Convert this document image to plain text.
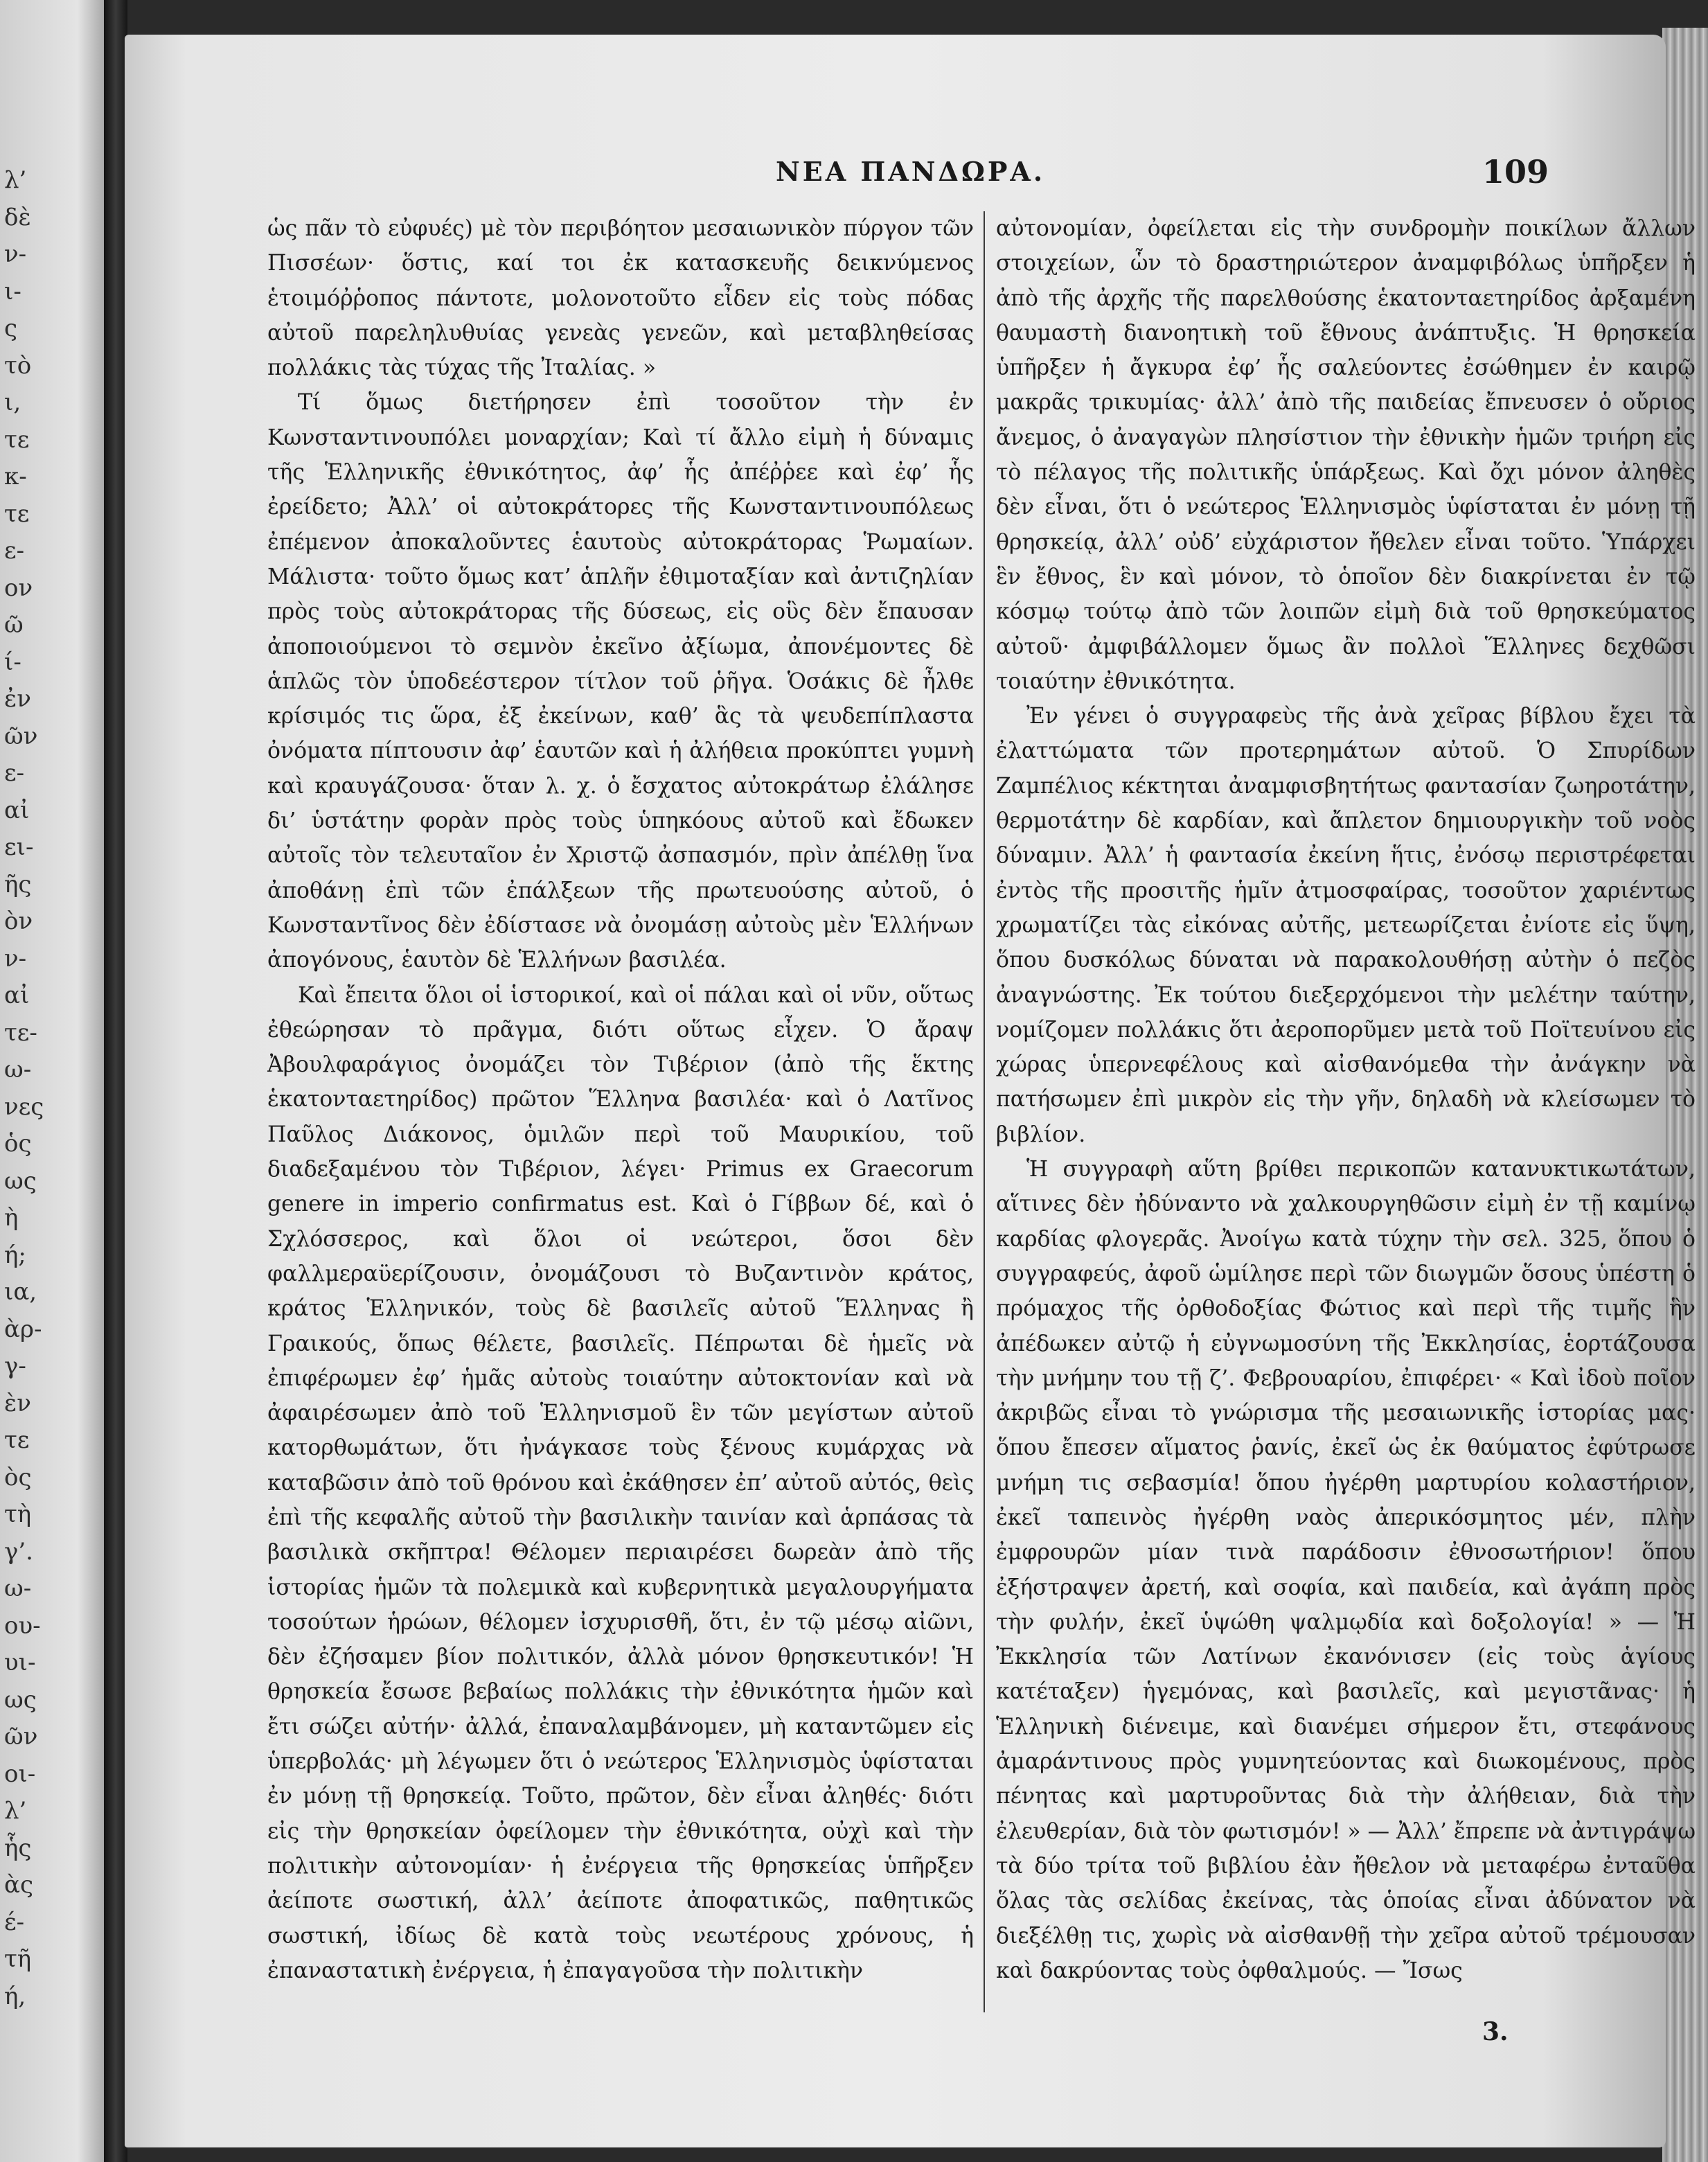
λ’
δὲ
ν-
ι-
ς
τὸ
ι,
τε
κ-
τε
ε-
ον
ῶ
ί-
ἐν
ῶν
ε-
αἰ
ει-
ῆς
ὸν
ν-
αἰ
τε-
ω-
νες
ὁς
ως
ὴ
ή;
ια,
ὰρ-
γ-
ὲν
τε
ὸς
τὴ
γ’.
ω-
ου-
υι-
ως
ῶν
οι-
λ’
ἧς
ὰς
έ-
τῆ
ή,
ΝΕΑ ΠΑΝΔΩΡΑ.	109

ὡς πᾶν τὸ εὐφυές) μὲ τὸν περιβόητον μεσαιωνικὸν πύργον τῶν Πισσέων· ὅστις, καί τοι ἐκ κατασκευῆς δεικνύμενος ἑτοιμόῤῥοπος πάντοτε, μολονοτοῦτο εἶδεν εἰς τοὺς πόδας αὐτοῦ παρεληλυθυίας γενεὰς γενεῶν, καὶ μεταβληθείσας πολλάκις τὰς τύχας τῆς Ἰταλίας. »

Τί ὅμως διετήρησεν ἐπὶ τοσοῦτον τὴν ἐν Κωνσταντινουπόλει μοναρχίαν; Καὶ τί ἄλλο εἰμὴ ἡ δύναμις τῆς Ἑλληνικῆς ἐθνικότητος, ἀφ’ ἧς ἀπέῤῥεε καὶ ἐφ’ ἧς ἐρείδετο; Ἀλλ’ οἱ αὐτοκράτορες τῆς Κωνσταντινουπόλεως ἐπέμενον ἀποκαλοῦντες ἑαυτοὺς αὐτοκράτορας Ῥωμαίων. Μάλιστα· τοῦτο ὅμως κατ’ ἁπλῆν ἐθιμοταξίαν καὶ ἀντιζηλίαν πρὸς τοὺς αὐτοκράτορας τῆς δύσεως, εἰς οὓς δὲν ἔπαυσαν ἀποποιούμενοι τὸ σεμνὸν ἐκεῖνο ἀξίωμα, ἀπονέμοντες δὲ ἁπλῶς τὸν ὑποδεέστερον τίτλον τοῦ ῥῆγα. Ὁσάκις δὲ ἦλθε κρίσιμός τις ὥρα, ἐξ ἐκείνων, καθ’ ἃς τὰ ψευδεπίπλαστα ὀνόματα πίπτουσιν ἀφ’ ἑαυτῶν καὶ ἡ ἀλήθεια προκύπτει γυμνὴ καὶ κραυγάζουσα· ὅταν λ. χ. ὁ ἔσχατος αὐτοκράτωρ ἐλάλησε δι’ ὑστάτην φορὰν πρὸς τοὺς ὑπηκόους αὐτοῦ καὶ ἔδωκεν αὐτοῖς τὸν τελευταῖον ἐν Χριστῷ ἀσπασμόν, πρὶν ἀπέλθῃ ἵνα ἀποθάνῃ ἐπὶ τῶν ἐπάλξεων τῆς πρωτευούσης αὐτοῦ, ὁ Κωνσταντῖνος δὲν ἐδίστασε νὰ ὀνομάσῃ αὐτοὺς μὲν Ἑλλήνων ἀπογόνους, ἑαυτὸν δὲ Ἑλλήνων βασιλέα.

Καὶ ἔπειτα ὅλοι οἱ ἱστορικοί, καὶ οἱ πάλαι καὶ οἱ νῦν, οὕτως ἐθεώρησαν τὸ πρᾶγμα, διότι οὕτως εἶχεν. Ὁ ἄραψ Ἀβουλφαράγιος ὀνομάζει τὸν Τιβέριον (ἀπὸ τῆς ἕκτης ἑκατονταετηρίδος) πρῶτον Ἕλληνα βασιλέα· καὶ ὁ Λατῖνος Παῦλος Διάκονος, ὁμιλῶν περὶ τοῦ Μαυρικίου, τοῦ διαδεξαμένου τὸν Τιβέριον, λέγει· Primus ex Graecorum genere in imperio confirmatus est. Καὶ ὁ Γίββων δέ, καὶ ὁ Σχλόσσερος, καὶ ὅλοι οἱ νεώτεροι, ὅσοι δὲν φαλλμεραϋερίζουσιν, ὀνομάζουσι τὸ Βυζαντινὸν κράτος, κράτος Ἑλληνικόν, τοὺς δὲ βασιλεῖς αὐτοῦ Ἕλληνας ἢ Γραικούς, ὅπως θέλετε, βασιλεῖς. Πέπρωται δὲ ἡμεῖς νὰ ἐπιφέρωμεν ἐφ’ ἡμᾶς αὐτοὺς τοιαύτην αὐτοκτονίαν καὶ νὰ ἀφαιρέσωμεν ἀπὸ τοῦ Ἑλληνισμοῦ ἓν τῶν μεγίστων αὐτοῦ κατορθωμάτων, ὅτι ἠνάγκασε τοὺς ξένους κυμάρχας νὰ καταβῶσιν ἀπὸ τοῦ θρόνου καὶ ἐκάθησεν ἐπ’ αὐτοῦ αὐτός, θεὶς ἐπὶ τῆς κεφαλῆς αὐτοῦ τὴν βασιλικὴν ταινίαν καὶ ἁρπάσας τὰ βασιλικὰ σκῆπτρα! Θέλομεν περιαιρέσει δωρεὰν ἀπὸ τῆς ἱστορίας ἡμῶν τὰ πολεμικὰ καὶ κυβερνητικὰ μεγαλουργήματα τοσούτων ἡρώων, θέλομεν ἰσχυρισθῆ, ὅτι, ἐν τῷ μέσῳ αἰῶνι, δὲν ἐζήσαμεν βίον πολιτικόν, ἀλλὰ μόνον θρησκευτικόν! Ἡ θρησκεία ἔσωσε βεβαίως πολλάκις τὴν ἐθνικότητα ἡμῶν καὶ ἔτι σώζει αὐτήν· ἀλλά, ἐπαναλαμβάνομεν, μὴ καταντῶμεν εἰς ὑπερβολάς· μὴ λέγωμεν ὅτι ὁ νεώτερος Ἑλληνισμὸς ὑφίσταται ἐν μόνῃ τῇ θρησκείᾳ. Τοῦτο, πρῶτον, δὲν εἶναι ἀληθές· διότι εἰς τὴν θρησκείαν ὀφείλομεν τὴν ἐθνικότητα, οὐχὶ καὶ τὴν πολιτικὴν αὐτονομίαν· ἡ ἐνέργεια τῆς θρησκείας ὑπῆρξεν ἀείποτε σωστική, ἀλλ’ ἀείποτε ἀποφατικῶς, παθητικῶς σωστική, ἰδίως δὲ κατὰ τοὺς νεωτέρους χρόνους, ἡ ἐπαναστατικὴ ἐνέργεια, ἡ ἐπαγαγοῦσα τὴν πολιτικὴν

αὐτονομίαν, ὀφείλεται εἰς τὴν συνδρομὴν ποικίλων ἄλλων στοιχείων, ὧν τὸ δραστηριώτερον ἀναμφιβόλως ὑπῆρξεν ἡ ἀπὸ τῆς ἀρχῆς τῆς παρελθούσης ἑκατονταετηρίδος ἀρξαμένη θαυμαστὴ διανοητικὴ τοῦ ἔθνους ἀνάπτυξις. Ἡ θρησκεία ὑπῆρξεν ἡ ἄγκυρα ἐφ’ ἧς σαλεύοντες ἐσώθημεν ἐν καιρῷ μακρᾶς τρικυμίας· ἀλλ’ ἀπὸ τῆς παιδείας ἔπνευσεν ὁ οὔριος ἄνεμος, ὁ ἀναγαγὼν πλησίστιον τὴν ἐθνικὴν ἡμῶν τριήρη εἰς τὸ πέλαγος τῆς πολιτικῆς ὑπάρξεως. Καὶ ὄχι μόνον ἀληθὲς δὲν εἶναι, ὅτι ὁ νεώτερος Ἑλληνισμὸς ὑφίσταται ἐν μόνῃ τῇ θρησκείᾳ, ἀλλ’ οὐδ’ εὐχάριστον ἤθελεν εἶναι τοῦτο. Ὑπάρχει ἓν ἔθνος, ἓν καὶ μόνον, τὸ ὁποῖον δὲν διακρίνεται ἐν τῷ κόσμῳ τούτῳ ἀπὸ τῶν λοιπῶν εἰμὴ διὰ τοῦ θρησκεύματος αὐτοῦ· ἀμφιβάλλομεν ὅμως ἂν πολλοὶ Ἕλληνες δεχθῶσι τοιαύτην ἐθνικότητα.

Ἐν γένει ὁ συγγραφεὺς τῆς ἀνὰ χεῖρας βίβλου ἔχει τὰ ἐλαττώματα τῶν προτερημάτων αὐτοῦ. Ὁ Σπυρίδων Ζαμπέλιος κέκτηται ἀναμφισβητήτως φαντασίαν ζωηροτάτην, θερμοτάτην δὲ καρδίαν, καὶ ἄπλετον δημιουργικὴν τοῦ νοὸς δύναμιν. Ἀλλ’ ἡ φαντασία ἐκείνη ἥτις, ἐνόσῳ περιστρέφεται ἐντὸς τῆς προσιτῆς ἡμῖν ἀτμοσφαίρας, τοσοῦτον χαριέντως χρωματίζει τὰς εἰκόνας αὐτῆς, μετεωρίζεται ἐνίοτε εἰς ὕψη, ὅπου δυσκόλως δύναται νὰ παρακολουθήσῃ αὐτὴν ὁ πεζὸς ἀναγνώστης. Ἐκ τούτου διεξερχόμενοι τὴν μελέτην ταύτην, νομίζομεν πολλάκις ὅτι ἀεροπορῦμεν μετὰ τοῦ Ποϊτευίνου εἰς χώρας ὑπερνεφέλους καὶ αἰσθανόμεθα τὴν ἀνάγκην νὰ πατήσωμεν ἐπὶ μικρὸν εἰς τὴν γῆν, δηλαδὴ νὰ κλείσωμεν τὸ βιβλίον.

Ἡ συγγραφὴ αὕτη βρίθει περικοπῶν κατανυκτικωτάτων, αἵτινες δὲν ἠδύναντο νὰ χαλκουργηθῶσιν εἰμὴ ἐν τῇ καμίνῳ καρδίας φλογερᾶς. Ἀνοίγω κατὰ τύχην τὴν σελ. 325, ὅπου ὁ συγγραφεύς, ἀφοῦ ὡμίλησε περὶ τῶν διωγμῶν ὅσους ὑπέστη ὁ πρόμαχος τῆς ὀρθοδοξίας Φώτιος καὶ περὶ τῆς τιμῆς ἣν ἀπέδωκεν αὐτῷ ἡ εὐγνωμοσύνη τῆς Ἐκκλησίας, ἑορτάζουσα τὴν μνήμην του τῇ ζ’. Φεβρουαρίου, ἐπιφέρει· « Καὶ ἰδοὺ ποῖον ἀκριβῶς εἶναι τὸ γνώρισμα τῆς μεσαιωνικῆς ἱστορίας μας· ὅπου ἔπεσεν αἵματος ῥανίς, ἐκεῖ ὡς ἐκ θαύματος ἐφύτρωσε μνήμη τις σεβασμία! ὅπου ἠγέρθη μαρτυρίου κολαστήριον, ἐκεῖ ταπεινὸς ἠγέρθη ναὸς ἀπερικόσμητος μέν, πλὴν ἐμφρουρῶν μίαν τινὰ παράδοσιν ἐθνοσωτήριον! ὅπου ἐξήστραψεν ἀρετή, καὶ σοφία, καὶ παιδεία, καὶ ἀγάπη πρὸς τὴν φυλήν, ἐκεῖ ὑψώθη ψαλμῳδία καὶ δοξολογία! » — Ἡ Ἐκκλησία τῶν Λατίνων ἐκανόνισεν (εἰς τοὺς ἁγίους κατέταξεν) ἡγεμόνας, καὶ βασιλεῖς, καὶ μεγιστᾶνας· ἡ Ἑλληνικὴ διένειμε, καὶ διανέμει σήμερον ἔτι, στεφάνους ἀμαράντινους πρὸς γυμνητεύοντας καὶ διωκομένους, πρὸς πένητας καὶ μαρτυροῦντας διὰ τὴν ἀλήθειαν, διὰ τὴν ἐλευθερίαν, διὰ τὸν φωτισμόν! » — Ἀλλ’ ἔπρεπε νὰ ἀντιγράψω τὰ δύο τρίτα τοῦ βιβλίου ἐὰν ἤθελον νὰ μεταφέρω ἐνταῦθα ὅλας τὰς σελίδας ἐκείνας, τὰς ὁποίας εἶναι ἀδύνατον νὰ διεξέλθῃ τις, χωρὶς νὰ αἰσθανθῇ τὴν χεῖρα αὐτοῦ τρέμουσαν καὶ δακρύοντας τοὺς ὀφθαλμούς. — Ἴσως

3.
